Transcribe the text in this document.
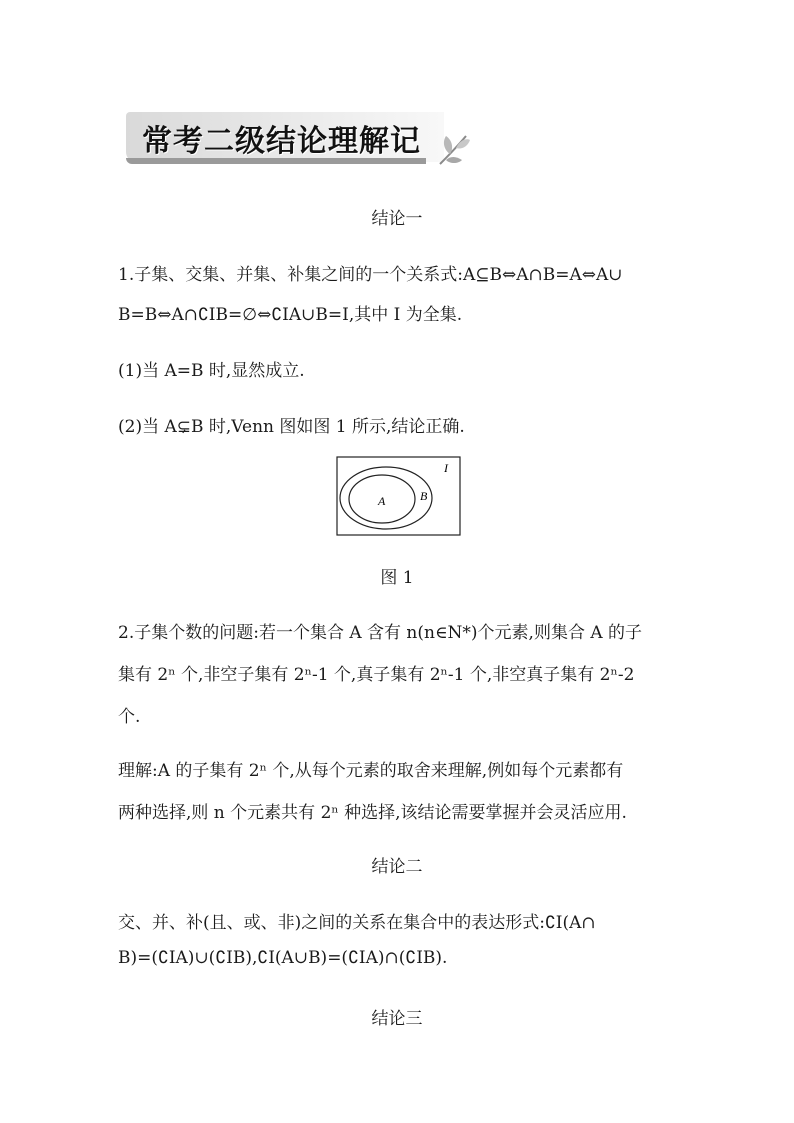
常考二级结论理解记
结论一
1.子集、交集、并集、补集之间的一个关系式:A⊆B⇔A∩B=A⇔A∪
B=B⇔A∩∁IB=∅⇔∁IA∪B=I,其中 I 为全集.
(1)当 A=B 时,显然成立.
(2)当 A⊊B 时,Venn 图如图 1 所示,结论正确.
I
A	B
图 1
2.子集个数的问题:若一个集合 A 含有 n(n∈N*)个元素,则集合 A 的子
集有 2ⁿ 个,非空子集有 2ⁿ-1 个,真子集有 2ⁿ-1 个,非空真子集有 2ⁿ-2
个.
理解:A 的子集有 2ⁿ 个,从每个元素的取舍来理解,例如每个元素都有
两种选择,则 n 个元素共有 2ⁿ 种选择,该结论需要掌握并会灵活应用.
结论二
交、并、补(且、或、非)之间的关系在集合中的表达形式:∁I(A∩
B)=(∁IA)∪(∁IB),∁I(A∪B)=(∁IA)∩(∁IB).
结论三
